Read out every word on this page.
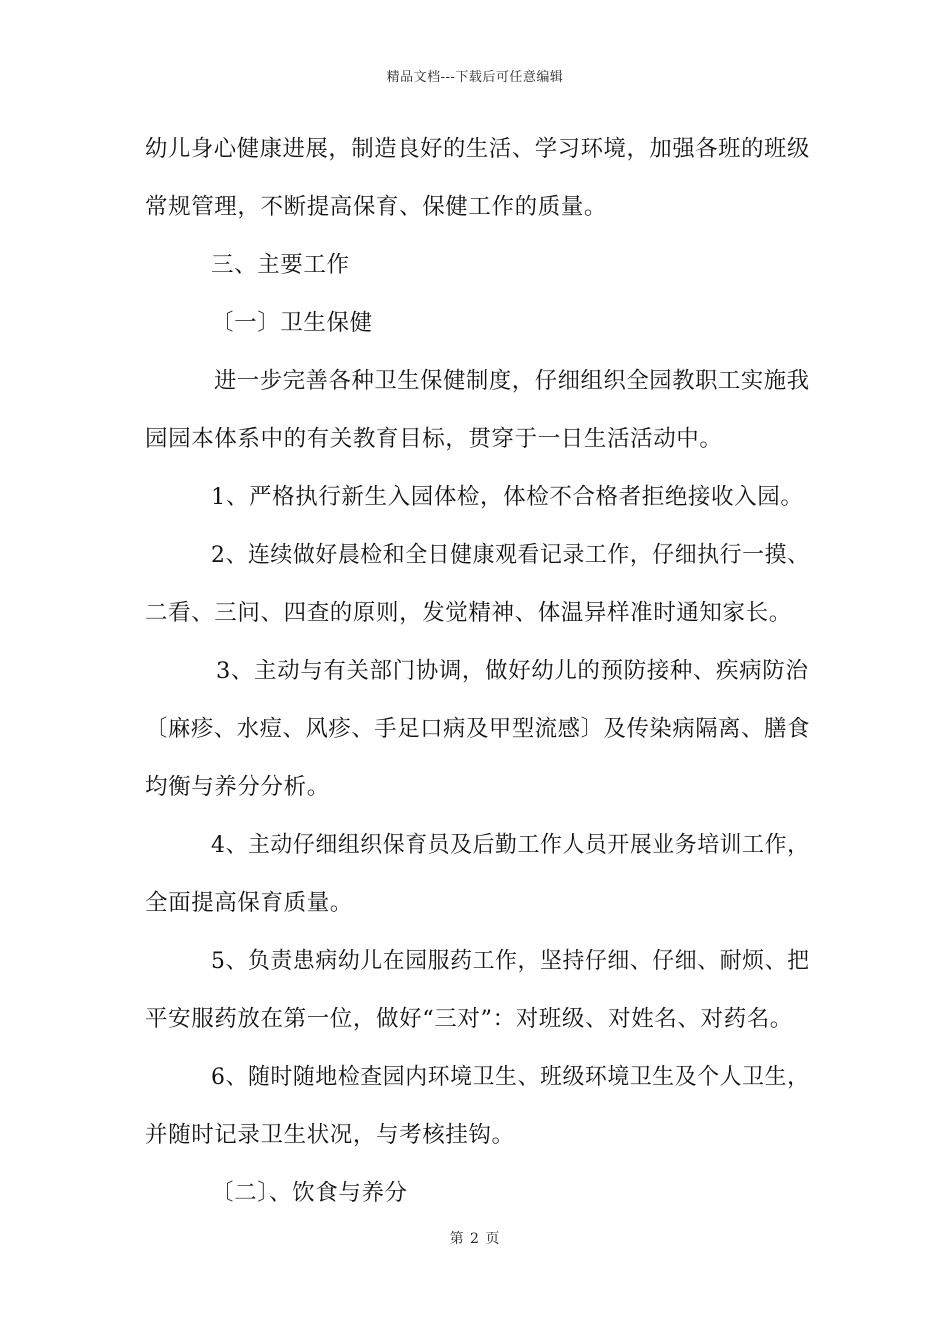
精品文档---下载后可任意编辑
幼儿身心健康进展，制造良好的生活、学习环境，加强各班的班级
常规管理，不断提高保育、保健工作的质量。
三、主要工作
〔一〕卫生保健
进一步完善各种卫生保健制度，仔细组织全园教职工实施我
园园本体系中的有关教育目标，贯穿于一日生活活动中。
1、严格执行新生入园体检，体检不合格者拒绝接收入园。
2、连续做好晨检和全日健康观看记录工作，仔细执行一摸、
二看、三问、四查的原则，发觉精神、体温异样准时通知家长。
3、主动与有关部门协调，做好幼儿的预防接种、疾病防治
〔麻疹、水痘、风疹、手足口病及甲型流感〕及传染病隔离、膳食
均衡与养分分析。
4、主动仔细组织保育员及后勤工作人员开展业务培训工作，
全面提高保育质量。
5、负责患病幼儿在园服药工作，坚持仔细、仔细、耐烦、把
平安服药放在第一位，做好“三对”：对班级、对姓名、对药名。
6、随时随地检查园内环境卫生、班级环境卫生及个人卫生，
并随时记录卫生状况，与考核挂钩。
〔二〕、饮食与养分
第 2 页
